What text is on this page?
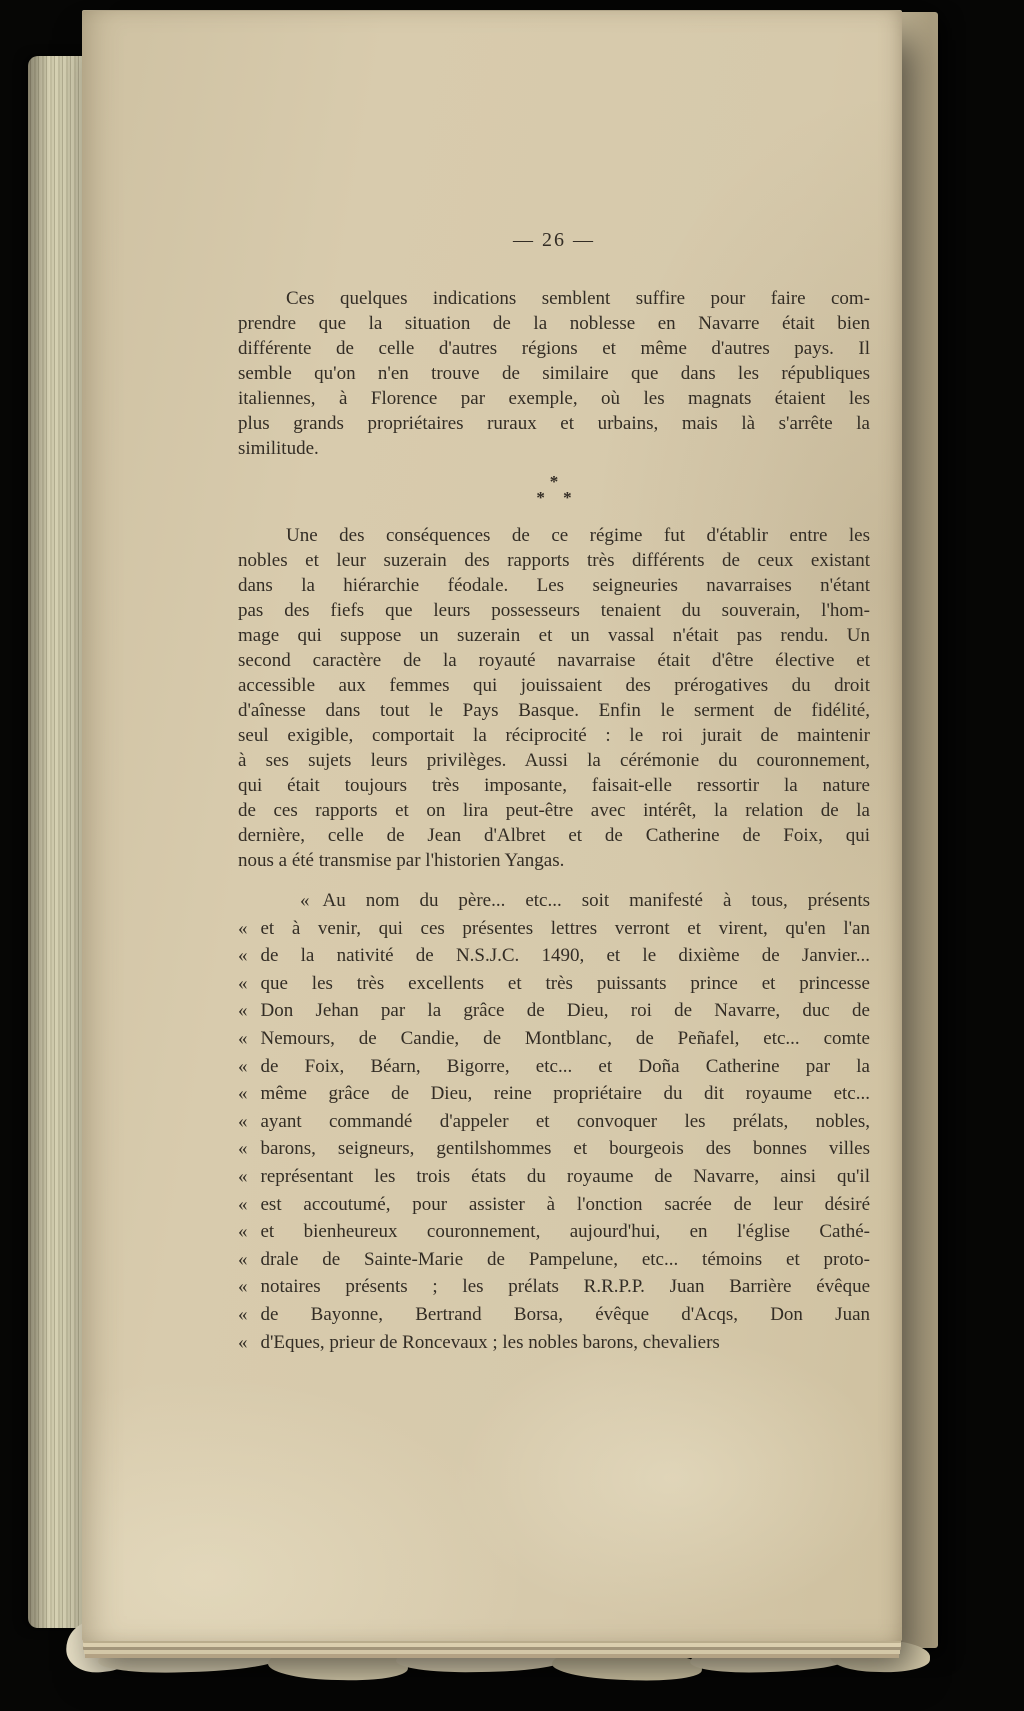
— 26 —
Ces quelques indications semblent suffire pour faire com-
prendre que la situation de la noblesse en Navarre était bien
différente de celle d'autres régions et même d'autres pays. Il
semble qu'on n'en trouve de similaire que dans les républiques
italiennes, à Florence par exemple, où les magnats étaient les
plus grands propriétaires ruraux et urbains, mais là s'arrête la
similitude.
*
* *
Une des conséquences de ce régime fut d'établir entre les
nobles et leur suzerain des rapports très différents de ceux existant
dans la hiérarchie féodale. Les seigneuries navarraises n'étant
pas des fiefs que leurs possesseurs tenaient du souverain, l'hom-
mage qui suppose un suzerain et un vassal n'était pas rendu. Un
second caractère de la royauté navarraise était d'être élective et
accessible aux femmes qui jouissaient des prérogatives du droit
d'aînesse dans tout le Pays Basque. Enfin le serment de fidélité,
seul exigible, comportait la réciprocité : le roi jurait de maintenir
à ses sujets leurs privilèges. Aussi la cérémonie du couronnement,
qui était toujours très imposante, faisait-elle ressortir la nature
de ces rapports et on lira peut-être avec intérêt, la relation de la
dernière, celle de Jean d'Albret et de Catherine de Foix, qui
nous a été transmise par l'historien Yangas.
« Au nom du père... etc... soit manifesté à tous, présents
« et à venir, qui ces présentes lettres verront et virent, qu'en l'an
« de la nativité de N.S.J.C. 1490, et le dixième de Janvier...
« que les très excellents et très puissants prince et princesse
« Don Jehan par la grâce de Dieu, roi de Navarre, duc de
« Nemours, de Candie, de Montblanc, de Peñafel, etc... comte
« de Foix, Béarn, Bigorre, etc... et Doña Catherine par la
« même grâce de Dieu, reine propriétaire du dit royaume etc...
« ayant commandé d'appeler et convoquer les prélats, nobles,
« barons, seigneurs, gentilshommes et bourgeois des bonnes villes
« représentant les trois états du royaume de Navarre, ainsi qu'il
« est accoutumé, pour assister à l'onction sacrée de leur désiré
« et bienheureux couronnement, aujourd'hui, en l'église Cathé-
« drale de Sainte-Marie de Pampelune, etc... témoins et proto-
« notaires présents ; les prélats R.R.P.P. Juan Barrière évêque
« de Bayonne, Bertrand Borsa, évêque d'Acqs, Don Juan
« d'Eques, prieur de Roncevaux ; les nobles barons, chevaliers
